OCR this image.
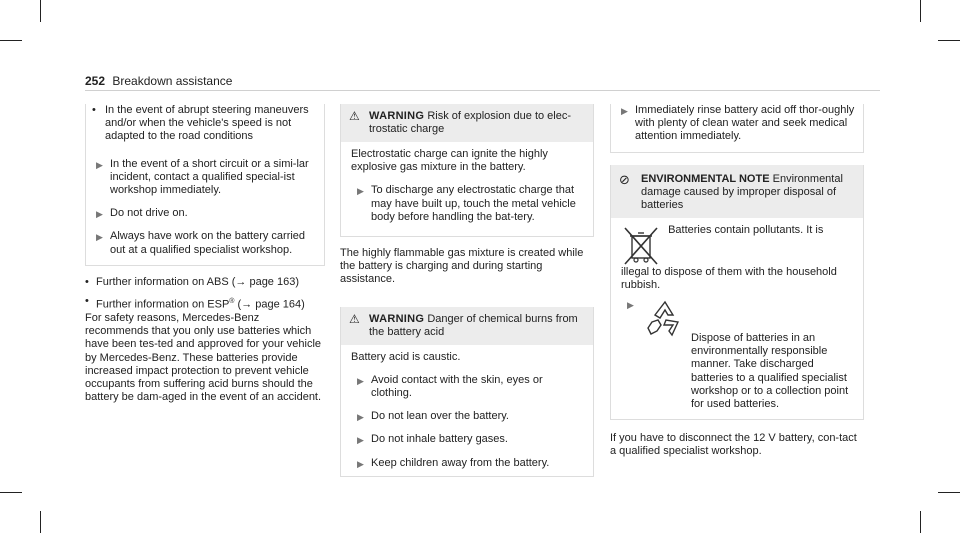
252 Breakdown assistance
• In the event of abrupt steering maneuvers and/or when the vehicle's speed is not adapted to the road conditions
▶ In the event of a short circuit or a simi-lar incident, contact a qualified special-ist workshop immediately.
▶ Do not drive on.
▶ Always have work on the battery carried out at a qualified specialist workshop.
• Further information on ABS (→ page 163)
• Further information on ESP® (→ page 164)
For safety reasons, Mercedes-Benz recommends that you only use batteries which have been tes-ted and approved for your vehicle by Mercedes-Benz. These batteries provide increased impact protection to prevent vehicle occupants from suffering acid burns should the battery be dam-aged in the event of an accident.
⚠ WARNING Risk of explosion due to elec-trostatic charge
Electrostatic charge can ignite the highly explosive gas mixture in the battery.
▶ To discharge any electrostatic charge that may have built up, touch the metal vehicle body before handling the bat-tery.
The highly flammable gas mixture is created while the battery is charging and during starting assistance.
⚠ WARNING Danger of chemical burns from the battery acid
Battery acid is caustic.
▶ Avoid contact with the skin, eyes or clothing.
▶ Do not lean over the battery.
▶ Do not inhale battery gases.
▶ Keep children away from the battery.
▶ Immediately rinse battery acid off thor-oughly with plenty of clean water and seek medical attention immediately.
⊘ ENVIRONMENTAL NOTE Environmental damage caused by improper disposal of batteries
Batteries contain pollutants. It is illegal to dispose of them with the household rubbish.
▶
Dispose of batteries in an environmentally responsible manner. Take discharged batteries to a qualified specialist workshop or to a collection point for used batteries.
If you have to disconnect the 12 V battery, con-tact a qualified specialist workshop.
